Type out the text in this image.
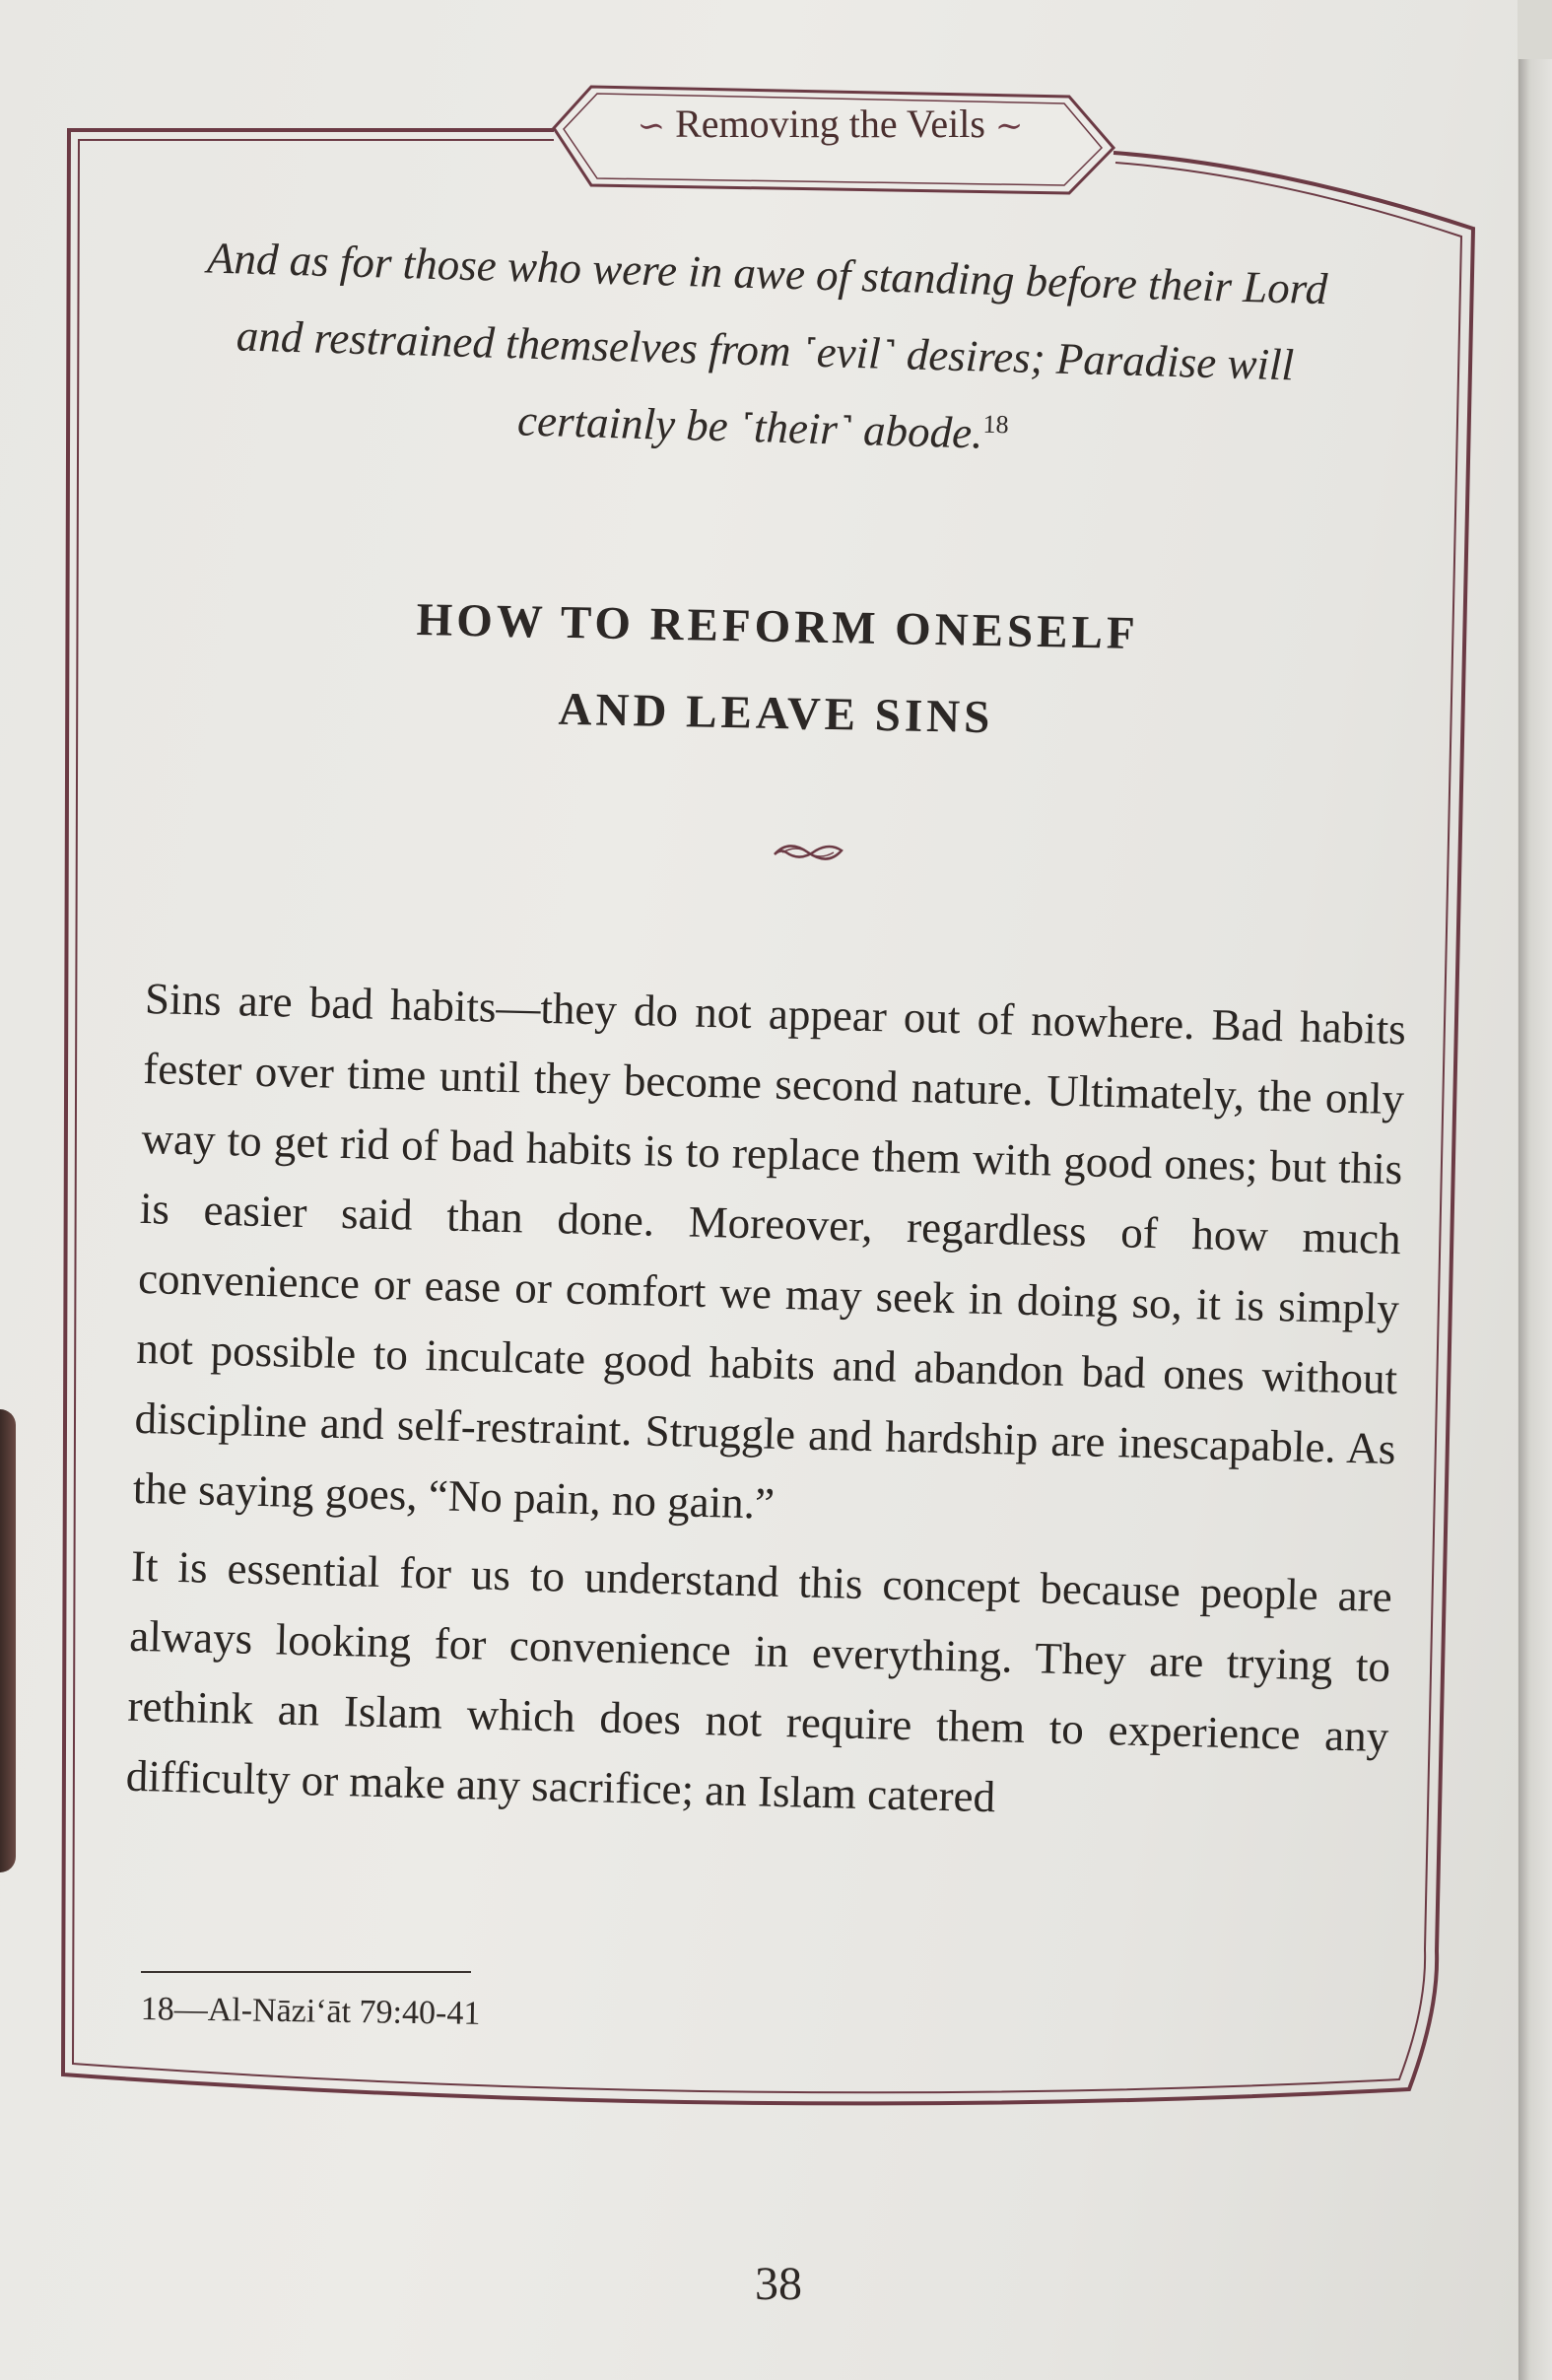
∽ Removing the Veils ∼
And as for those who were in awe of standing before their Lord
and restrained themselves from ˹evil˺ desires; Paradise will
certainly be ˹their˺ abode.$^{18}$
HOW TO REFORM ONESELF
AND LEAVE SINS

Sins are bad habits—they do not appear out of nowhere. Bad habits fester over time until they become second nature. Ultimately, the only way to get rid of bad habits is to replace them with good ones; but this is easier said than done. Moreover, regardless of how much convenience or ease or comfort we may seek in doing so, it is simply not possible to inculcate good habits and abandon bad ones without discipline and self-restraint. Struggle and hardship are inescapable. As the saying goes, “No pain, no gain.”

It is essential for us to understand this concept because people are always looking for convenience in everything. They are trying to rethink an Islam which does not require them to experience any difficulty or make any sacrifice; an Islam catered

18—Al-Nāzi‘āt 79:40-41
38
